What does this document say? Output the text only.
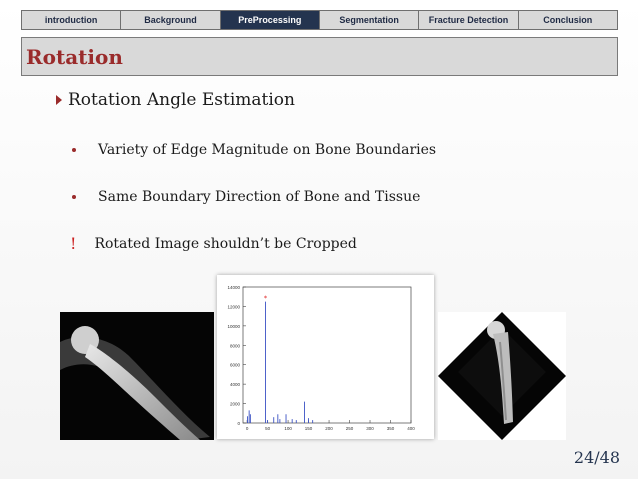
introduction	Background	PreProcessing	Segmentation	Fracture Detection	Conclusion
Rotation
Rotation Angle Estimation
Variety of Edge Magnitude on Bone Boundaries
Same Boundary Direction of Bone and Tissue
! Rotated Image shouldn’t be Cropped
0
2000
4000
6000
8000
10000
12000
14000
0	50	100	150	200	250	300	350	400
*
24/48
